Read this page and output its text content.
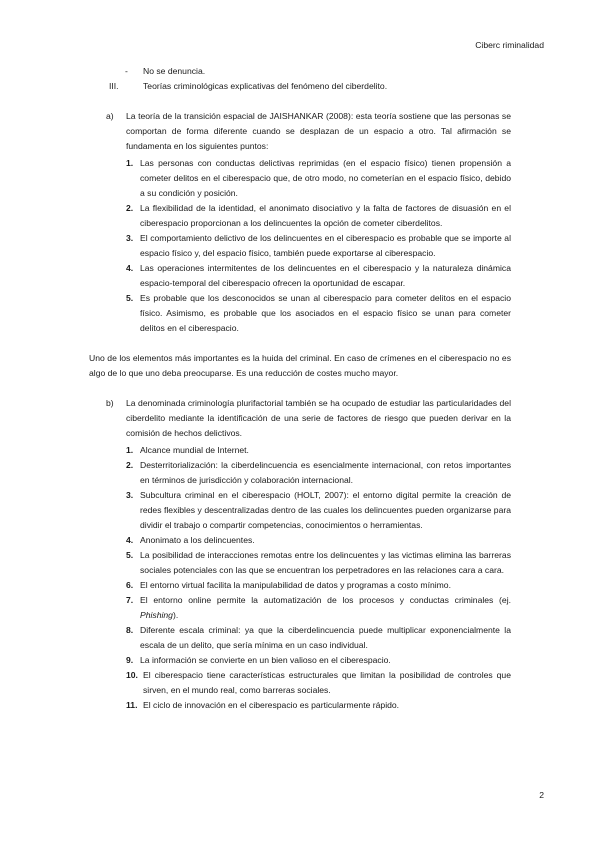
Ciberc riminalidad
- No se denuncia.
III.	Teorías criminológicas explicativas del fenómeno del ciberdelito.
a) La teoría de la transición espacial de JAISHANKAR (2008): esta teoría sostiene que las personas se comportan de forma diferente cuando se desplazan de un espacio a otro. Tal afirmación se fundamenta en los siguientes puntos:
1. Las personas con conductas delictivas reprimidas (en el espacio físico) tienen propensión a cometer delitos en el ciberespacio que, de otro modo, no cometerían en el espacio físico, debido a su condición y posición.
2. La flexibilidad de la identidad, el anonimato disociativo y la falta de factores de disuasión en el ciberespacio proporcionan a los delincuentes la opción de cometer ciberdelitos.
3. El comportamiento delictivo de los delincuentes en el ciberespacio es probable que se importe al espacio físico y, del espacio físico, también puede exportarse al ciberespacio.
4. Las operaciones intermitentes de los delincuentes en el ciberespacio y la naturaleza dinámica espacio-temporal del ciberespacio ofrecen la oportunidad de escapar.
5. Es probable que los desconocidos se unan al ciberespacio para cometer delitos en el espacio físico. Asimismo, es probable que los asociados en el espacio físico se unan para cometer delitos en el ciberespacio.
Uno de los elementos más importantes es la huida del criminal. En caso de crímenes en el ciberespacio no es algo de lo que uno deba preocuparse. Es una reducción de costes mucho mayor.
b) La denominada criminología plurifactorial también se ha ocupado de estudiar las particularidades del ciberdelito mediante la identificación de una serie de factores de riesgo que pueden derivar en la comisión de hechos delictivos.
1. Alcance mundial de Internet.
2. Desterritorialización: la ciberdelincuencia es esencialmente internacional, con retos importantes en términos de jurisdicción y colaboración internacional.
3. Subcultura criminal en el ciberespacio (HOLT, 2007): el entorno digital permite la creación de redes flexibles y descentralizadas dentro de las cuales los delincuentes pueden organizarse para dividir el trabajo o compartir competencias, conocimientos o herramientas.
4. Anonimato a los delincuentes.
5. La posibilidad de interacciones remotas entre los delincuentes y las victimas elimina las barreras sociales potenciales con las que se encuentran los perpetradores en las relaciones cara a cara.
6. El entorno virtual facilita la manipulabilidad de datos y programas a costo mínimo.
7. El entorno online permite la automatización de los procesos y conductas criminales (ej. Phishing).
8. Diferente escala criminal: ya que la ciberdelincuencia puede multiplicar exponencialmente la escala de un delito, que sería mínima en un caso individual.
9. La información se convierte en un bien valioso en el ciberespacio.
10. El ciberespacio tiene características estructurales que limitan la posibilidad de controles que sirven, en el mundo real, como barreras sociales.
11. El ciclo de innovación en el ciberespacio es particularmente rápido.
2
